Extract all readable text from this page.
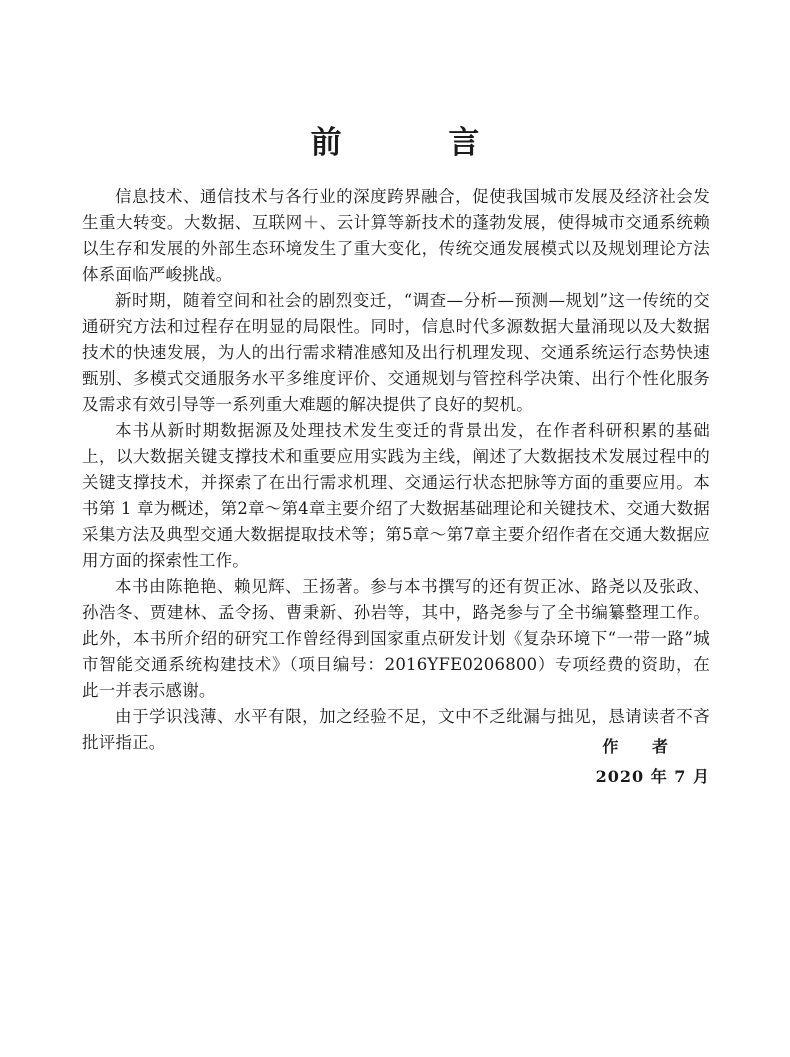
前 言

信息技术、通信技术与各行业的深度跨界融合，促使我国城市发展及经济社会发生重大转变。大数据、互联网＋、云计算等新技术的蓬勃发展，使得城市交通系统赖以生存和发展的外部生态环境发生了重大变化，传统交通发展模式以及规划理论方法体系面临严峻挑战。

新时期，随着空间和社会的剧烈变迁，“调查—分析—预测—规划”这一传统的交通研究方法和过程存在明显的局限性。同时，信息时代多源数据大量涌现以及大数据技术的快速发展，为人的出行需求精准感知及出行机理发现、交通系统运行态势快速甄别、多模式交通服务水平多维度评价、交通规划与管控科学决策、出行个性化服务及需求有效引导等一系列重大难题的解决提供了良好的契机。

本书从新时期数据源及处理技术发生变迁的背景出发，在作者科研积累的基础上，以大数据关键支撑技术和重要应用实践为主线，阐述了大数据技术发展过程中的关键支撑技术，并探索了在出行需求机理、交通运行状态把脉等方面的重要应用。本书第 1 章为概述，第2章～第4章主要介绍了大数据基础理论和关键技术、交通大数据采集方法及典型交通大数据提取技术等；第5章～第7章主要介绍作者在交通大数据应用方面的探索性工作。

本书由陈艳艳、赖见辉、王扬著。参与本书撰写的还有贺正冰、路尧以及张政、孙浩冬、贾建林、孟令扬、曹秉新、孙岩等，其中，路尧参与了全书编纂整理工作。此外，本书所介绍的研究工作曾经得到国家重点研发计划《复杂环境下“一带一路”城市智能交通系统构建技术》（项目编号：2016YFE0206800）专项经费的资助，在此一并表示感谢。

由于学识浅薄、水平有限，加之经验不足，文中不乏纰漏与拙见，恳请读者不吝批评指正。	作 者
2020 年 7 月
